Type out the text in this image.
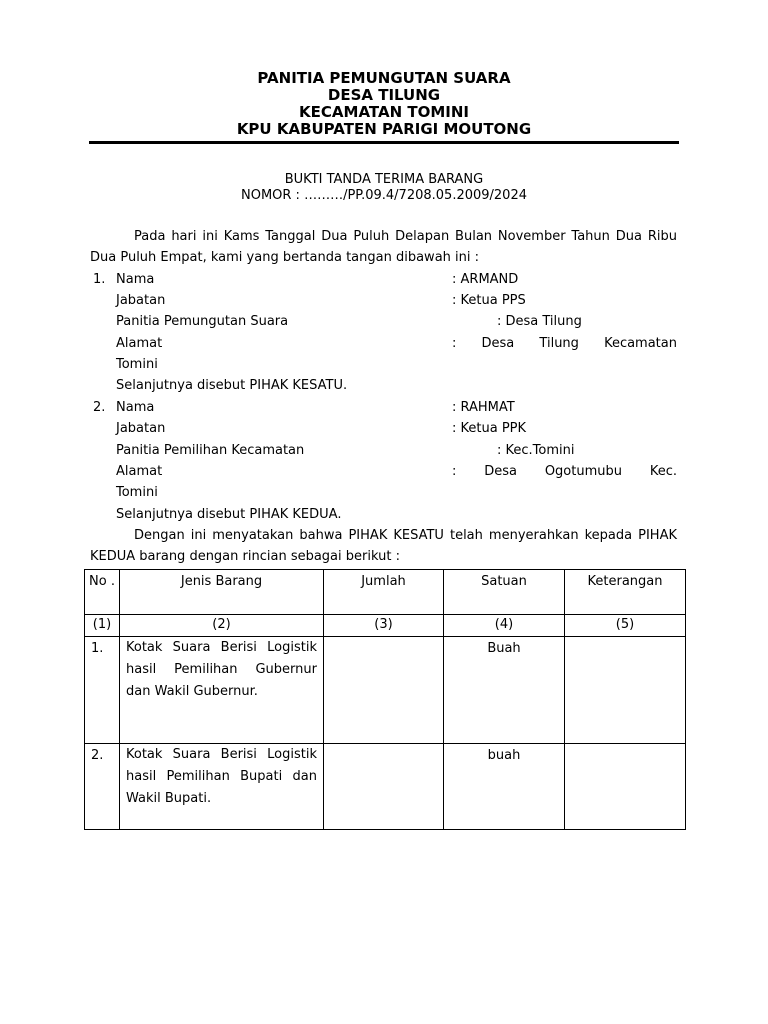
PANITIA PEMUNGUTAN SUARA
DESA TILUNG
KECAMATAN TOMINI
KPU KABUPATEN PARIGI MOUTONG
BUKTI TANDA TERIMA BARANG
NOMOR : ………/PP.09.4/7208.05.2009/2024
Pada hari ini Kams Tanggal Dua Puluh Delapan Bulan November Tahun Dua Ribu Dua Puluh Empat, kami yang bertanda tangan dibawah ini :
1. Nama	: ARMAND
Jabatan	: Ketua PPS
Panitia Pemungutan Suara	: Desa Tilung
Alamat	: Desa Tilung Kecamatan
Tomini
Selanjutnya disebut PIHAK KESATU.
2. Nama	: RAHMAT
Jabatan	: Ketua PPK
Panitia Pemilihan Kecamatan	: Kec.Tomini
Alamat	: Desa Ogotumubu Kec.
Tomini
Selanjutnya disebut PIHAK KEDUA.
Dengan ini menyatakan bahwa PIHAK KESATU telah menyerahkan kepada PIHAK KEDUA barang dengan rincian sebagai berikut :
No .	Jenis Barang	Jumlah	Satuan	Keterangan
(1)	(2)	(3)	(4)	(5)
1.	Kotak Suara Berisi Logistik hasil Pemilihan Gubernur dan Wakil Gubernur.		Buah	
2.	Kotak Suara Berisi Logistik hasil Pemilihan Bupati dan Wakil Bupati.		buah	
